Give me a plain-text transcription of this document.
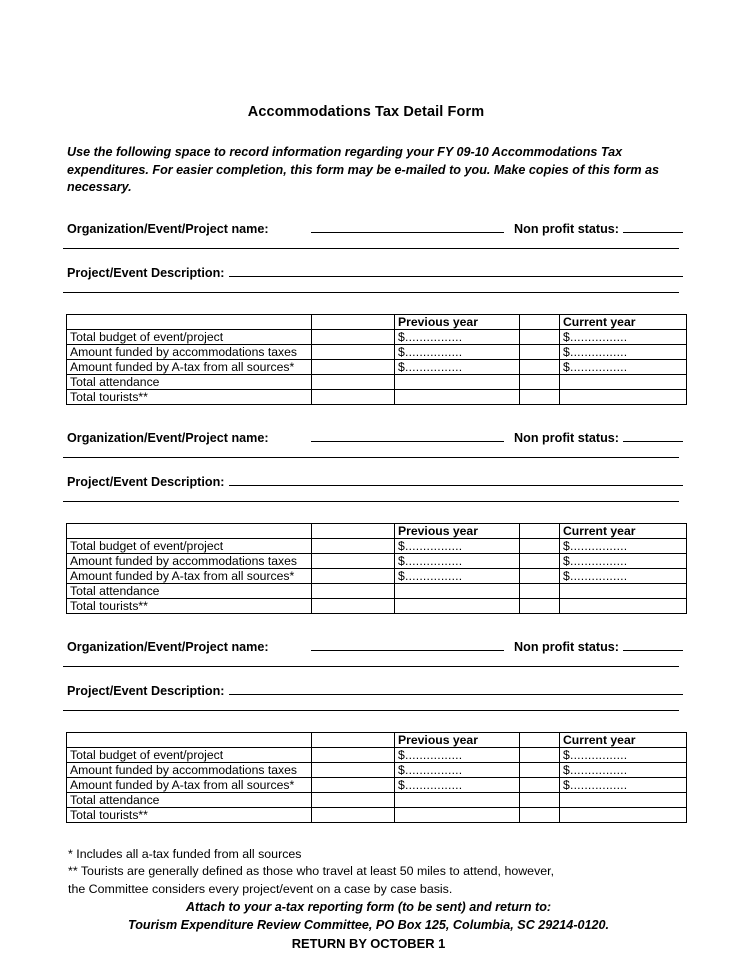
Accommodations Tax Detail Form

Use the following space to record information regarding your FY 09-10 Accommodations Tax expenditures. For easier completion, this form may be e-mailed to you. Make copies of this form as necessary.

Organization/Event/Project name:	Non profit status:
Project/Event Description:
		Previous year		Current year
Total budget of event/project		$................		$................
Amount funded by accommodations taxes		$................		$................
Amount funded by A-tax from all sources*		$................		$................
Total attendance				
Total tourists**				
Organization/Event/Project name:	Non profit status:
Project/Event Description:
		Previous year		Current year
Total budget of event/project		$................		$................
Amount funded by accommodations taxes		$................		$................
Amount funded by A-tax from all sources*		$................		$................
Total attendance				
Total tourists**				
Organization/Event/Project name:	Non profit status:
Project/Event Description:
		Previous year		Current year
Total budget of event/project		$................		$................
Amount funded by accommodations taxes		$................		$................
Amount funded by A-tax from all sources*		$................		$................
Total attendance				
Total tourists**				
* Includes all a-tax funded from all sources
** Tourists are generally defined as those who travel at least 50 miles to attend, however,
the Committee considers every project/event on a case by case basis.
Attach to your a-tax reporting form (to be sent) and return to:
Tourism Expenditure Review Committee, PO Box 125, Columbia, SC 29214-0120.
RETURN BY OCTOBER 1
